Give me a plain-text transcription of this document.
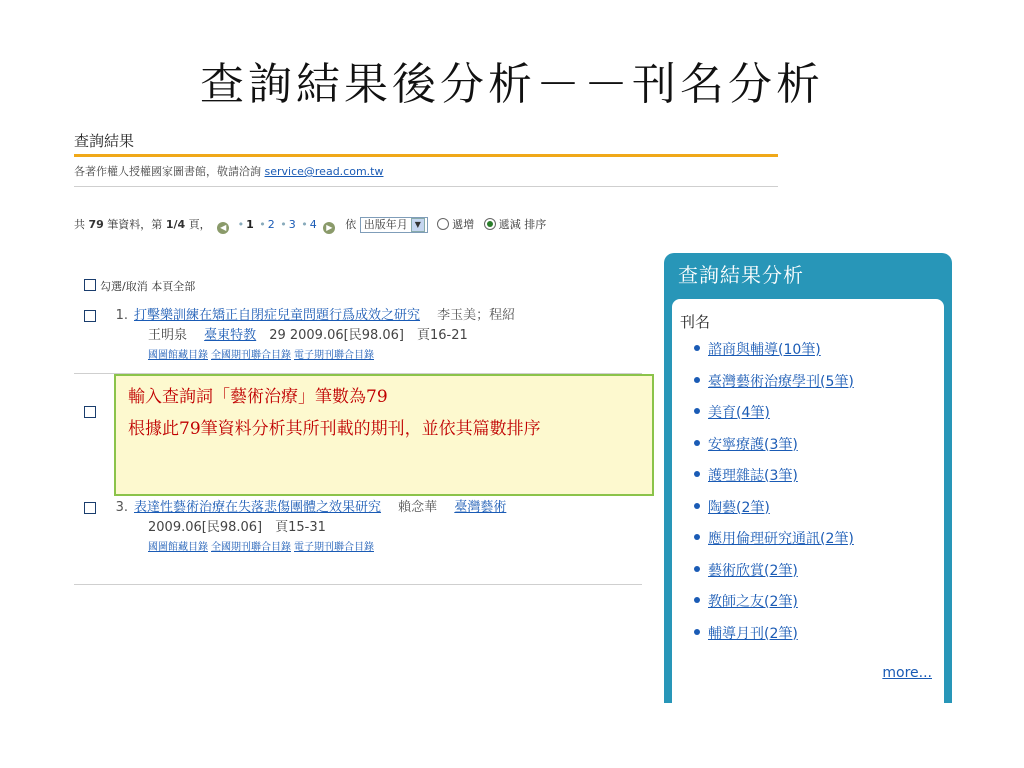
查詢結果後分析－－刊名分析
查詢結果
各著作權人授權國家圖書館，敬請洽詢 service@read.com.tw
共 79 筆資料，第 1/4 頁， ◀ • 1 • 2 • 3 • 4 ▶ 依 出版年月 ▼	遞增 遞減 排序
勾選/取消 本頁全部
1. 打擊樂訓練在矯正自閉症兒童問題行爲成效之研究　 李玉美；程紹
王明泉　 臺東特教　 29 2009.06[民98.06]　頁16-21
國圖館藏目錄 全國期刊聯合目錄 電子期刊聯合目錄
3. 表達性藝術治療在失落悲傷團體之效果研究　 賴念華　 臺灣藝術
2009.06[民98.06]　頁15-31
國圖館藏目錄 全國期刊聯合目錄 電子期刊聯合目錄

輸入查詢詞「藝術治療」筆數為79

根據此79筆資料分析其所刊載的期刊，並依其篇數排序

查詢結果分析
刊名
諮商與輔導(10筆)
臺灣藝術治療學刊(5筆)
美育(4筆)
安寧療護(3筆)
護理雜誌(3筆)
陶藝(2筆)
應用倫理研究通訊(2筆)
藝術欣賞(2筆)
教師之友(2筆)
輔導月刊(2筆)
more...
